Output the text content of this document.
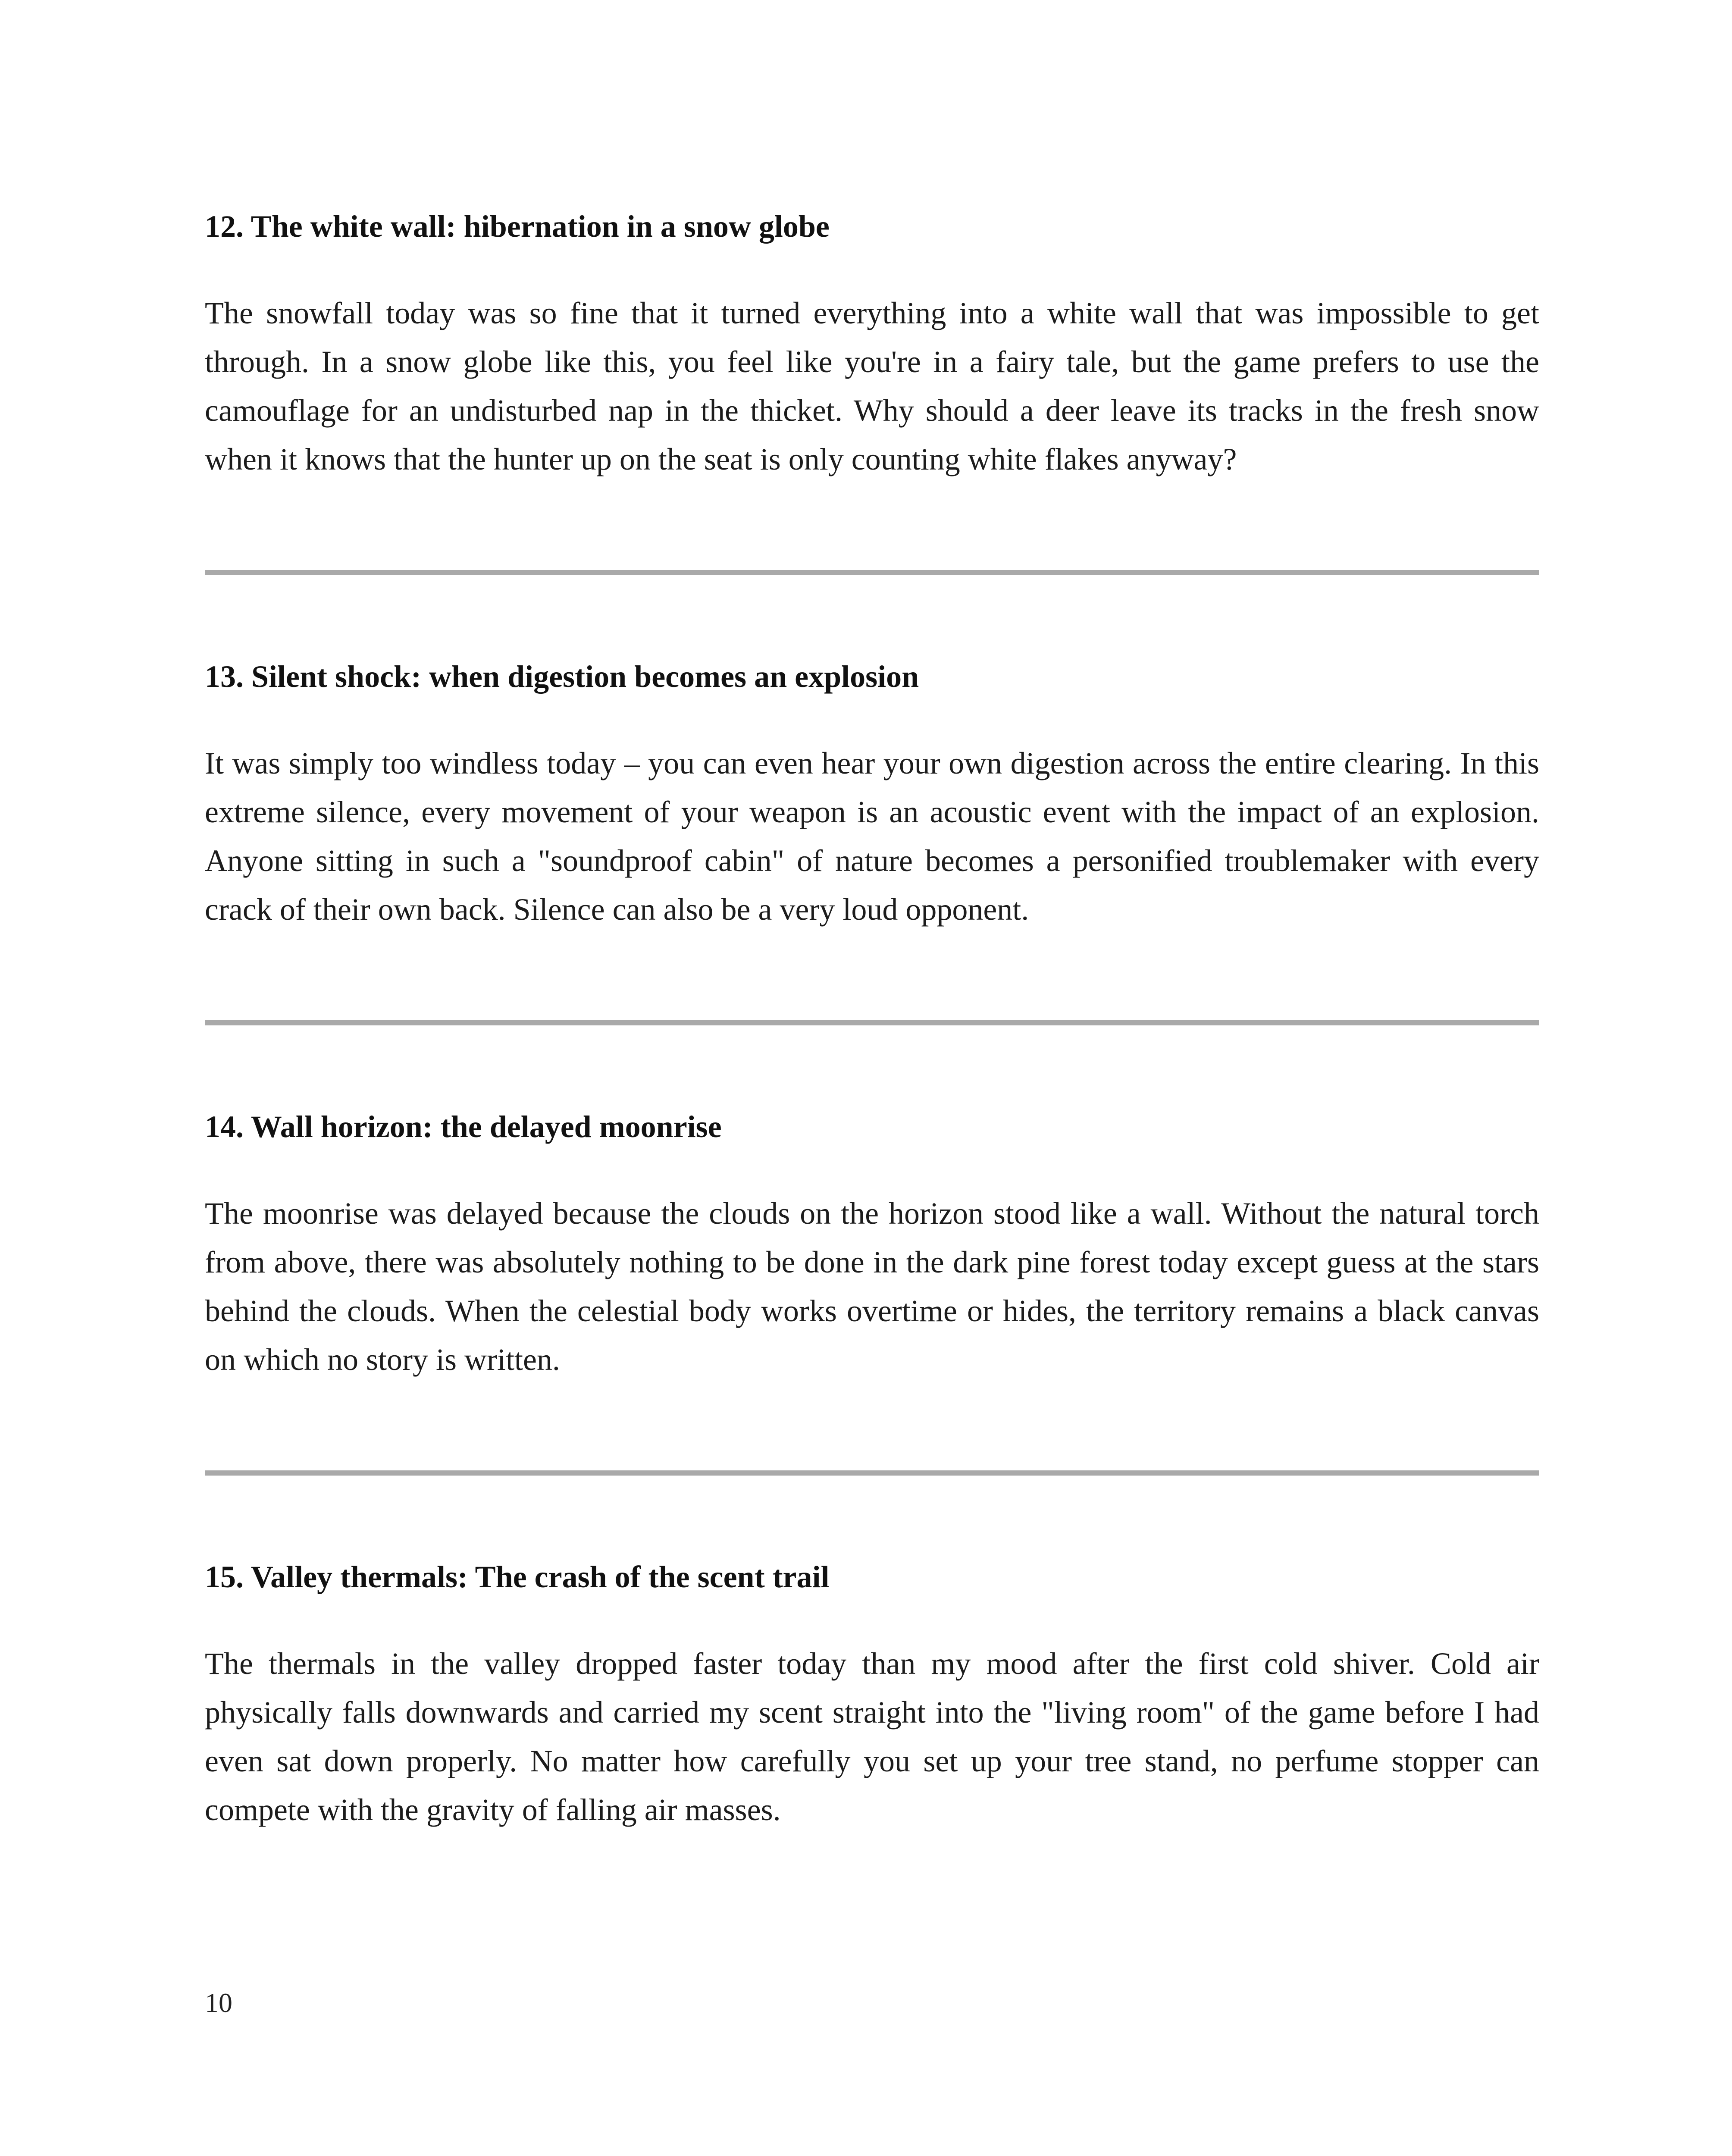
12. The white wall: hibernation in a snow globe

The snowfall today was so fine that it turned everything into a white wall that was impossible to get through. In a snow globe like this, you feel like you're in a fairy tale, but the game prefers to use the camouflage for an undisturbed nap in the thicket. Why should a deer leave its tracks in the fresh snow when it knows that the hunter up on the seat is only counting white flakes anyway?

13. Silent shock: when digestion becomes an explosion

It was simply too windless today – you can even hear your own digestion across the entire clearing. In this extreme silence, every movement of your weapon is an acoustic event with the impact of an explosion. Anyone sitting in such a "soundproof cabin" of nature becomes a personified troublemaker with every crack of their own back. Silence can also be a very loud opponent.

14. Wall horizon: the delayed moonrise

The moonrise was delayed because the clouds on the horizon stood like a wall. Without the natural torch from above, there was absolutely nothing to be done in the dark pine forest today except guess at the stars behind the clouds. When the celestial body works overtime or hides, the territory remains a black canvas on which no story is written.

15. Valley thermals: The crash of the scent trail

The thermals in the valley dropped faster today than my mood after the first cold shiver. Cold air physically falls downwards and carried my scent straight into the "living room" of the game before I had even sat down properly. No matter how carefully you set up your tree stand, no perfume stopper can compete with the gravity of falling air masses.

10
